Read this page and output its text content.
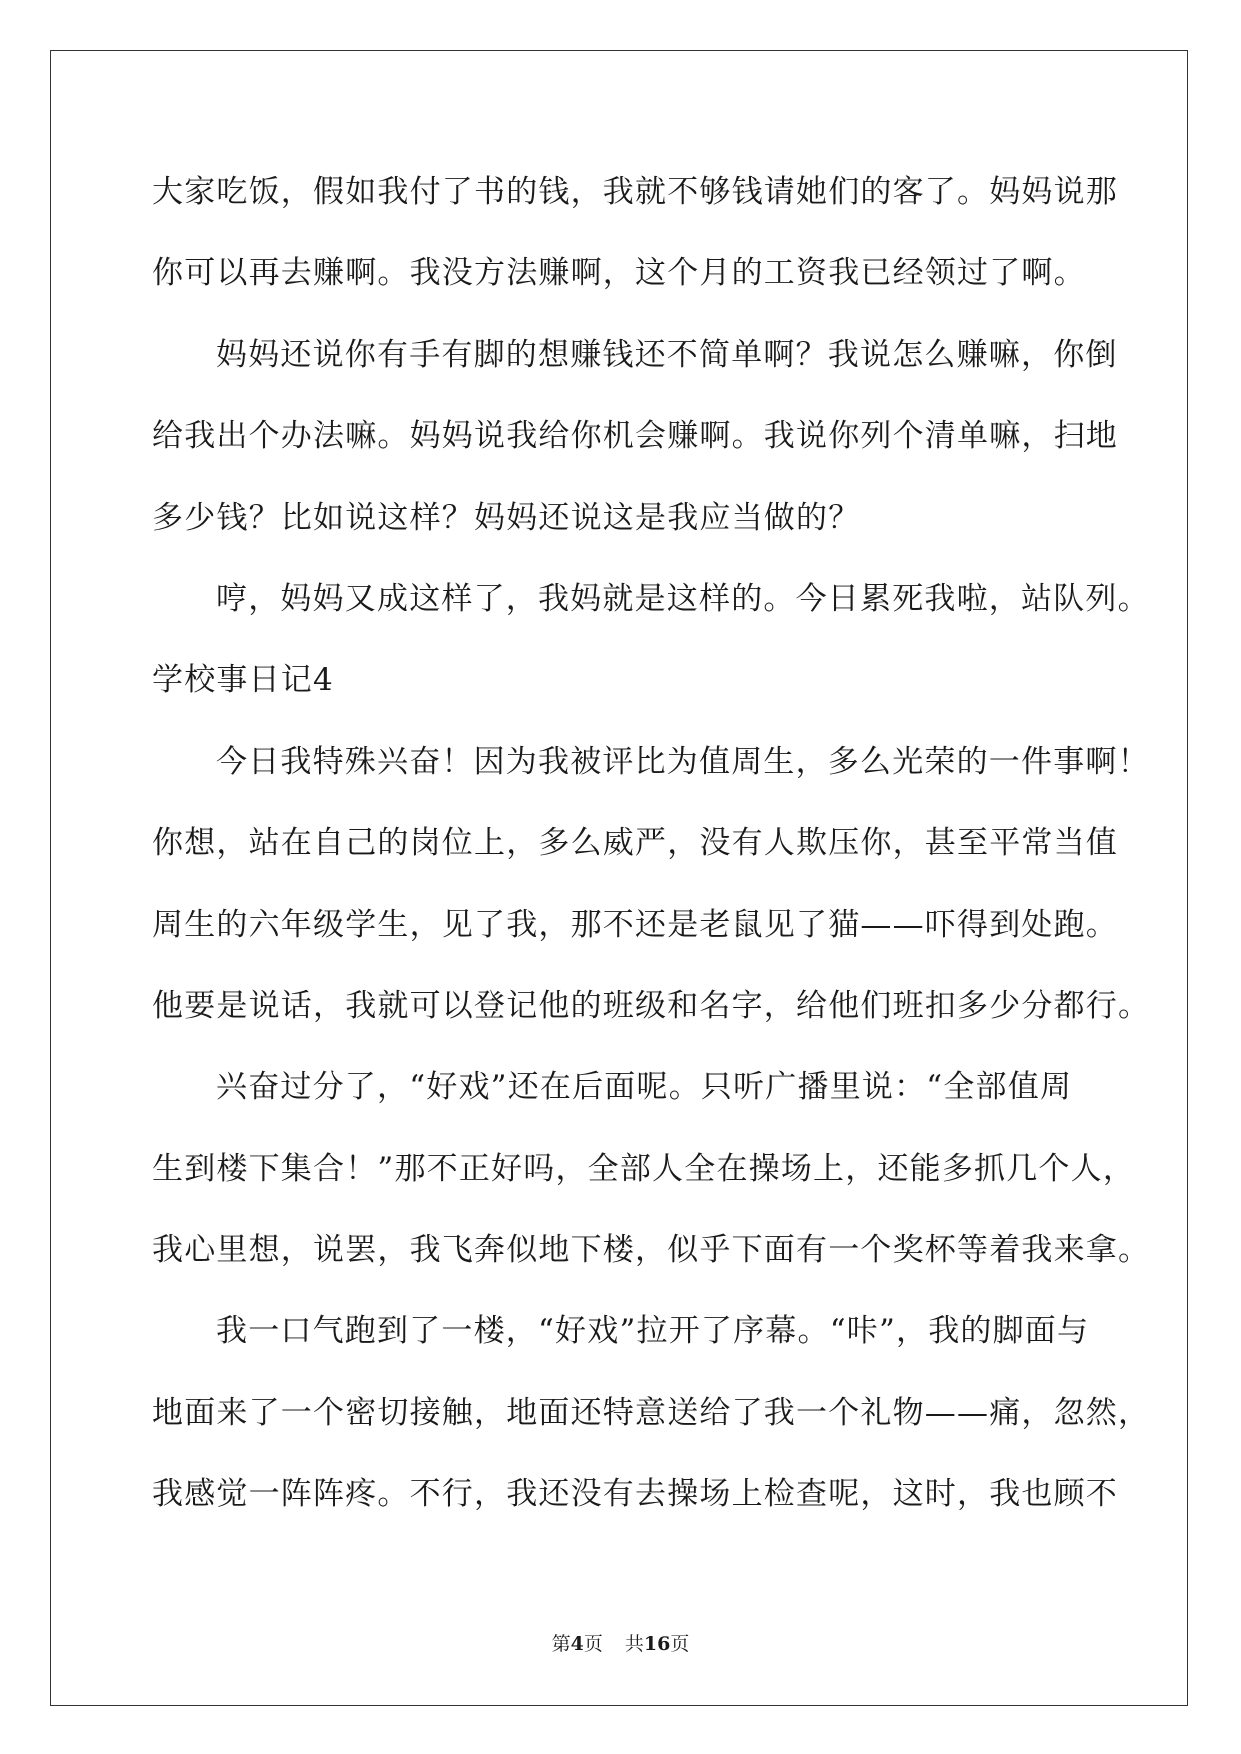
大家吃饭，假如我付了书的钱，我就不够钱请她们的客了。妈妈说那
你可以再去赚啊。我没方法赚啊，这个月的工资我已经领过了啊。
妈妈还说你有手有脚的想赚钱还不简单啊？我说怎么赚嘛，你倒
给我出个办法嘛。妈妈说我给你机会赚啊。我说你列个清单嘛，扫地
多少钱？比如说这样？妈妈还说这是我应当做的？
哼，妈妈又成这样了，我妈就是这样的。今日累死我啦，站队列。
学校事日记4
今日我特殊兴奋！因为我被评比为值周生，多么光荣的一件事啊！
你想，站在自己的岗位上，多么威严，没有人欺压你，甚至平常当值
周生的六年级学生，见了我，那不还是老鼠见了猫——吓得到处跑。
他要是说话，我就可以登记他的班级和名字，给他们班扣多少分都行。
兴奋过分了，“好戏”还在后面呢。只听广播里说：“全部值周
生到楼下集合！”那不正好吗，全部人全在操场上，还能多抓几个人，
我心里想，说罢，我飞奔似地下楼，似乎下面有一个奖杯等着我来拿。
我一口气跑到了一楼，“好戏”拉开了序幕。“咔”，我的脚面与
地面来了一个密切接触，地面还特意送给了我一个礼物——痛，忽然，
我感觉一阵阵疼。不行，我还没有去操场上检查呢，这时，我也顾不
第4页 共16页
